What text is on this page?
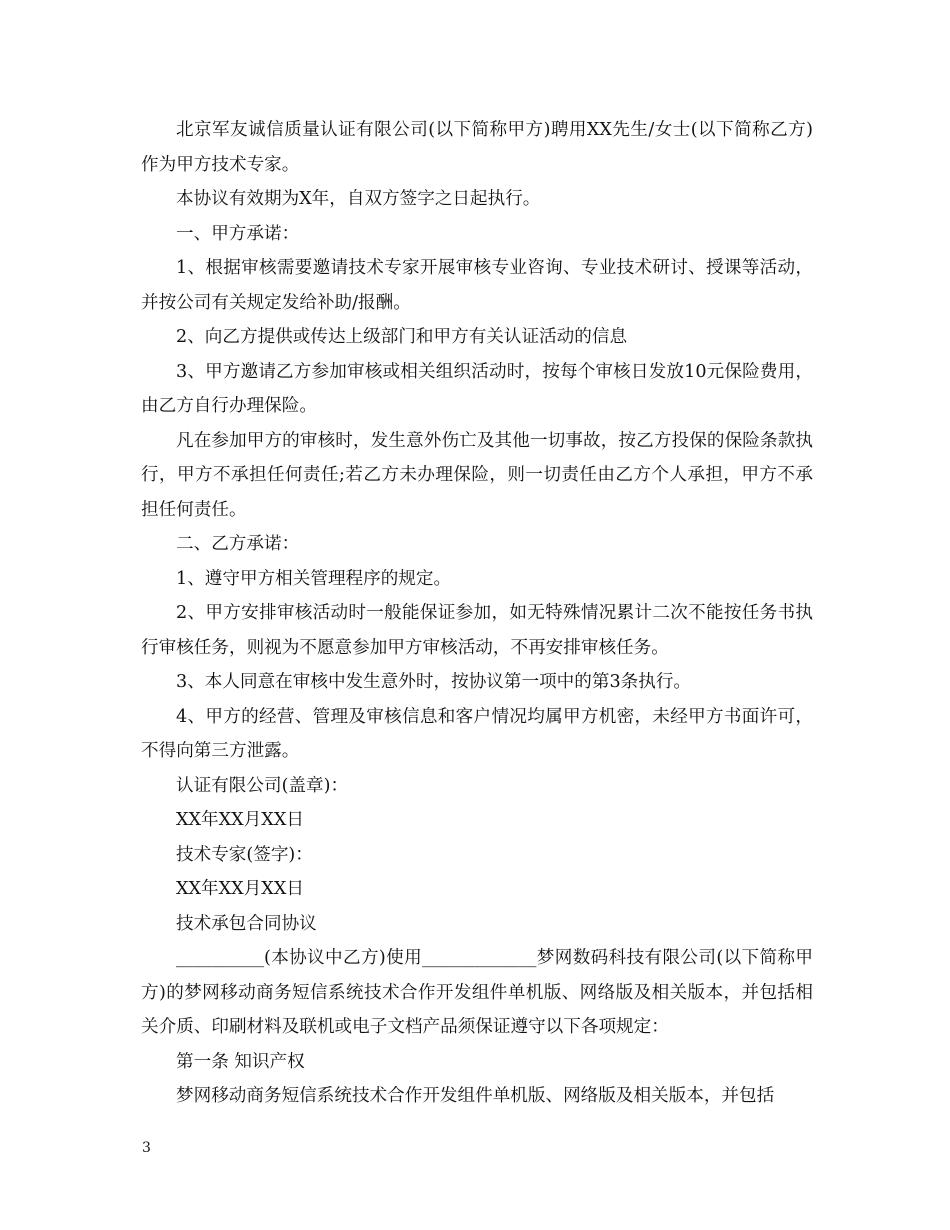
北京军友诚信质量认证有限公司(以下简称甲方)聘用XX先生/女士(以下简称乙方)作为甲方技术专家。

本协议有效期为X年，自双方签字之日起执行。

一、甲方承诺：

1、根据审核需要邀请技术专家开展审核专业咨询、专业技术研讨、授课等活动，并按公司有关规定发给补助/报酬。

2、向乙方提供或传达上级部门和甲方有关认证活动的信息

3、甲方邀请乙方参加审核或相关组织活动时，按每个审核日发放10元保险费用，由乙方自行办理保险。

凡在参加甲方的审核时，发生意外伤亡及其他一切事故，按乙方投保的保险条款执行，甲方不承担任何责任;若乙方未办理保险，则一切责任由乙方个人承担，甲方不承担任何责任。

二、乙方承诺：

1、遵守甲方相关管理程序的规定。

2、甲方安排审核活动时一般能保证参加，如无特殊情况累计二次不能按任务书执行审核任务，则视为不愿意参加甲方审核活动，不再安排审核任务。

3、本人同意在审核中发生意外时，按协议第一项中的第3条执行。

4、甲方的经营、管理及审核信息和客户情况均属甲方机密，未经甲方书面许可，不得向第三方泄露。

认证有限公司(盖章)：

XX年XX月XX日

技术专家(签字)：

XX年XX月XX日

技术承包合同协议

__________(本协议中乙方)使用_____________梦网数码科技有限公司(以下简称甲方)的梦网移动商务短信系统技术合作开发组件单机版、网络版及相关版本，并包括相关介质、印刷材料及联机或电子文档产品须保证遵守以下各项规定：

第一条 知识产权

梦网移动商务短信系统技术合作开发组件单机版、网络版及相关版本，并包括

3
